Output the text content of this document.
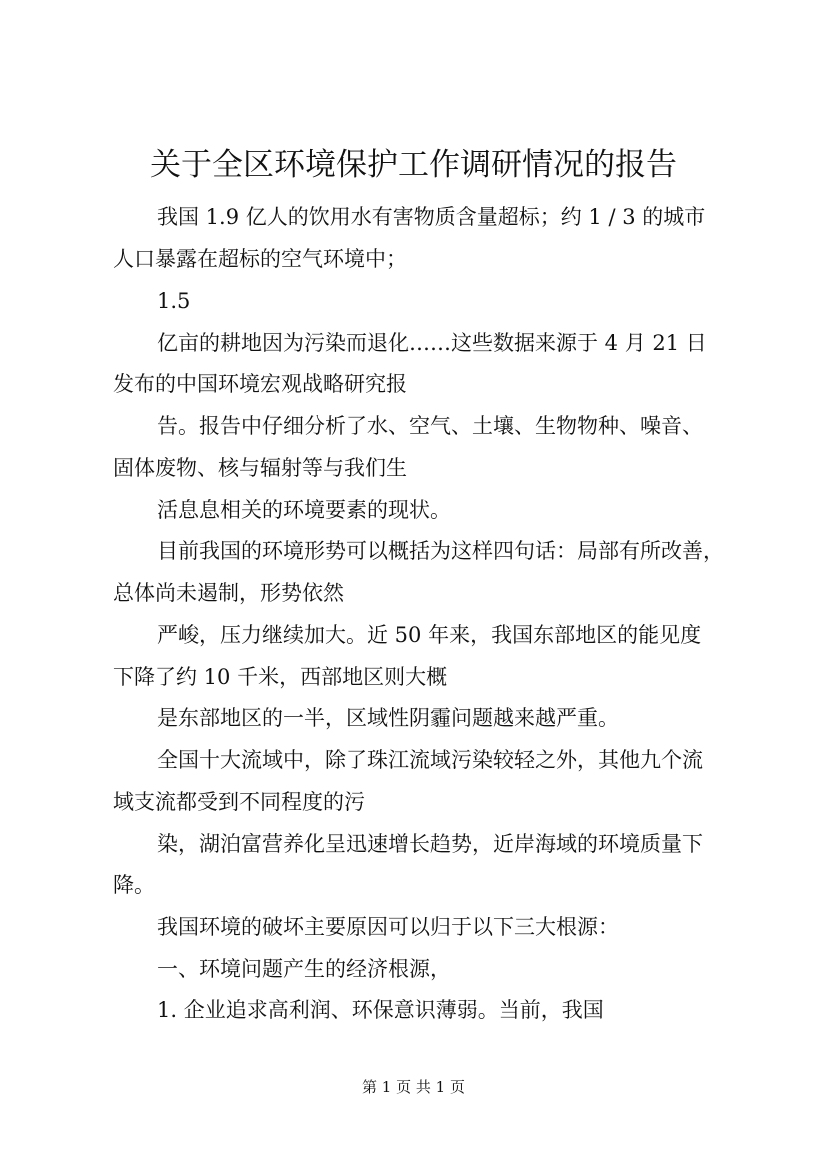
关于全区环境保护工作调研情况的报告
我国 1.9 亿人的饮用水有害物质含量超标；约 1 / 3 的城市
人口暴露在超标的空气环境中；
1.5
亿亩的耕地因为污染而退化……这些数据来源于 4 月 21 日
发布的中国环境宏观战略研究报
告。报告中仔细分析了水、空气、土壤、生物物种、噪音、
固体废物、核与辐射等与我们生
活息息相关的环境要素的现状。
目前我国的环境形势可以概括为这样四句话：局部有所改善，
总体尚未遏制，形势依然
严峻，压力继续加大。近 50 年来，我国东部地区的能见度
下降了约 10 千米，西部地区则大概
是东部地区的一半，区域性阴霾问题越来越严重。
全国十大流域中，除了珠江流域污染较轻之外，其他九个流
域支流都受到不同程度的污
染，湖泊富营养化呈迅速增长趋势，近岸海域的环境质量下
降。
我国环境的破坏主要原因可以归于以下三大根源：
一、环境问题产生的经济根源，
1. 企业追求高利润、环保意识薄弱。当前，我国
第 1 页 共 1 页
